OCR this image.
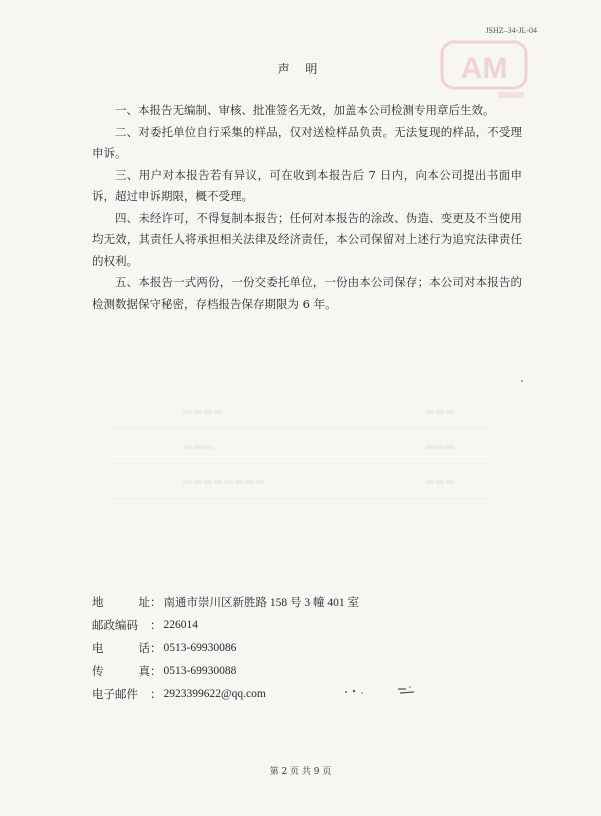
JSHZ–34-JL-04
··· ···· ····
AM
声 明

一、本报告无编制、审核、批准签名无效，加盖本公司检测专用章后生效。

二、对委托单位自行采集的样品，仅对送检样品负责。无法复现的样品，不受理申诉。

三、用户对本报告若有异议，可在收到本报告后 7 日内，向本公司提出书面申诉，超过申诉期限，概不受理。

四、未经许可，不得复制本报告；任何对本报告的涂改、伪造、变更及不当使用均无效，其责任人将承担相关法律及经济责任，本公司保留对上述行为追究法律责任的权利。

五、本报告一式两份，一份交委托单位，一份由本公司保存；本公司对本报告的检测数据保守秘密，存档报告保存期限为 6 年。

▬▬▬▬	▬▬▬
▬▬▬	▬▬▬
▬▬▬▬▬▬▬▬	▬▬▬
地	址 ： 南通市崇川区新胜路 158 号 3 幢 401 室
邮政编码 ： 226014
电	话 ： 0513-69930086
传	真 ： 0513-69930088
电子邮件 ： 2923399622@qq.com
第 2 页 共 9 页
